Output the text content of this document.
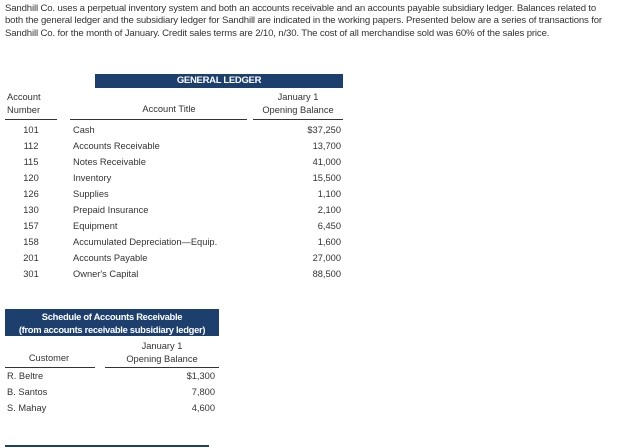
Sandhill Co. uses a perpetual inventory system and both an accounts receivable and an accounts payable subsidiary ledger. Balances related to both the general ledger and the subsidiary ledger for Sandhill are indicated in the working papers. Presented below are a series of transactions for Sandhill Co. for the month of January. Credit sales terms are 2/10, n/30. The cost of all merchandise sold was 60% of the sales price.

GENERAL LEDGER
Account
Number	Account Title
January 1
Opening Balance
101	Cash	$37,250
112	Accounts Receivable	13,700
115	Notes Receivable	41,000
120	Inventory	15,500
126	Supplies	1,100
130	Prepaid Insurance	2,100
157	Equipment	6,450
158	Accumulated Depreciation—Equip.	1,600
201	Accounts Payable	27,000
301	Owner's Capital	88,500
Schedule of Accounts Receivable
(from accounts receivable subsidiary ledger)
Customer
January 1
Opening Balance
R. Beltre	$1,300
B. Santos	7,800
S. Mahay	4,600
